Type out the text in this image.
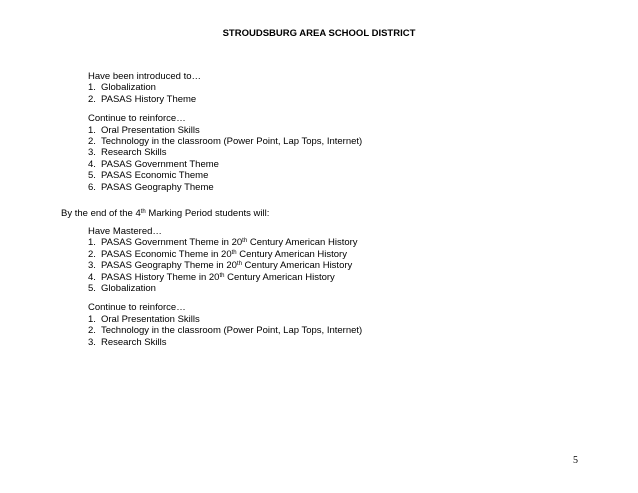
STROUDSBURG AREA SCHOOL DISTRICT
Have been introduced to…
1. Globalization
2. PASAS History Theme
Continue to reinforce…
1. Oral Presentation Skills
2. Technology in the classroom (Power Point, Lap Tops, Internet)
3. Research Skills
4. PASAS Government Theme
5. PASAS Economic Theme
6. PASAS Geography Theme
By the end of the 4th Marking Period students will:
Have Mastered…
1. PASAS Government Theme in 20th Century American History
2. PASAS Economic Theme in 20th Century American History
3. PASAS Geography Theme in 20th Century American History
4. PASAS History Theme in 20th Century American History
5. Globalization
Continue to reinforce…
1. Oral Presentation Skills
2. Technology in the classroom (Power Point, Lap Tops, Internet)
3. Research Skills
5
